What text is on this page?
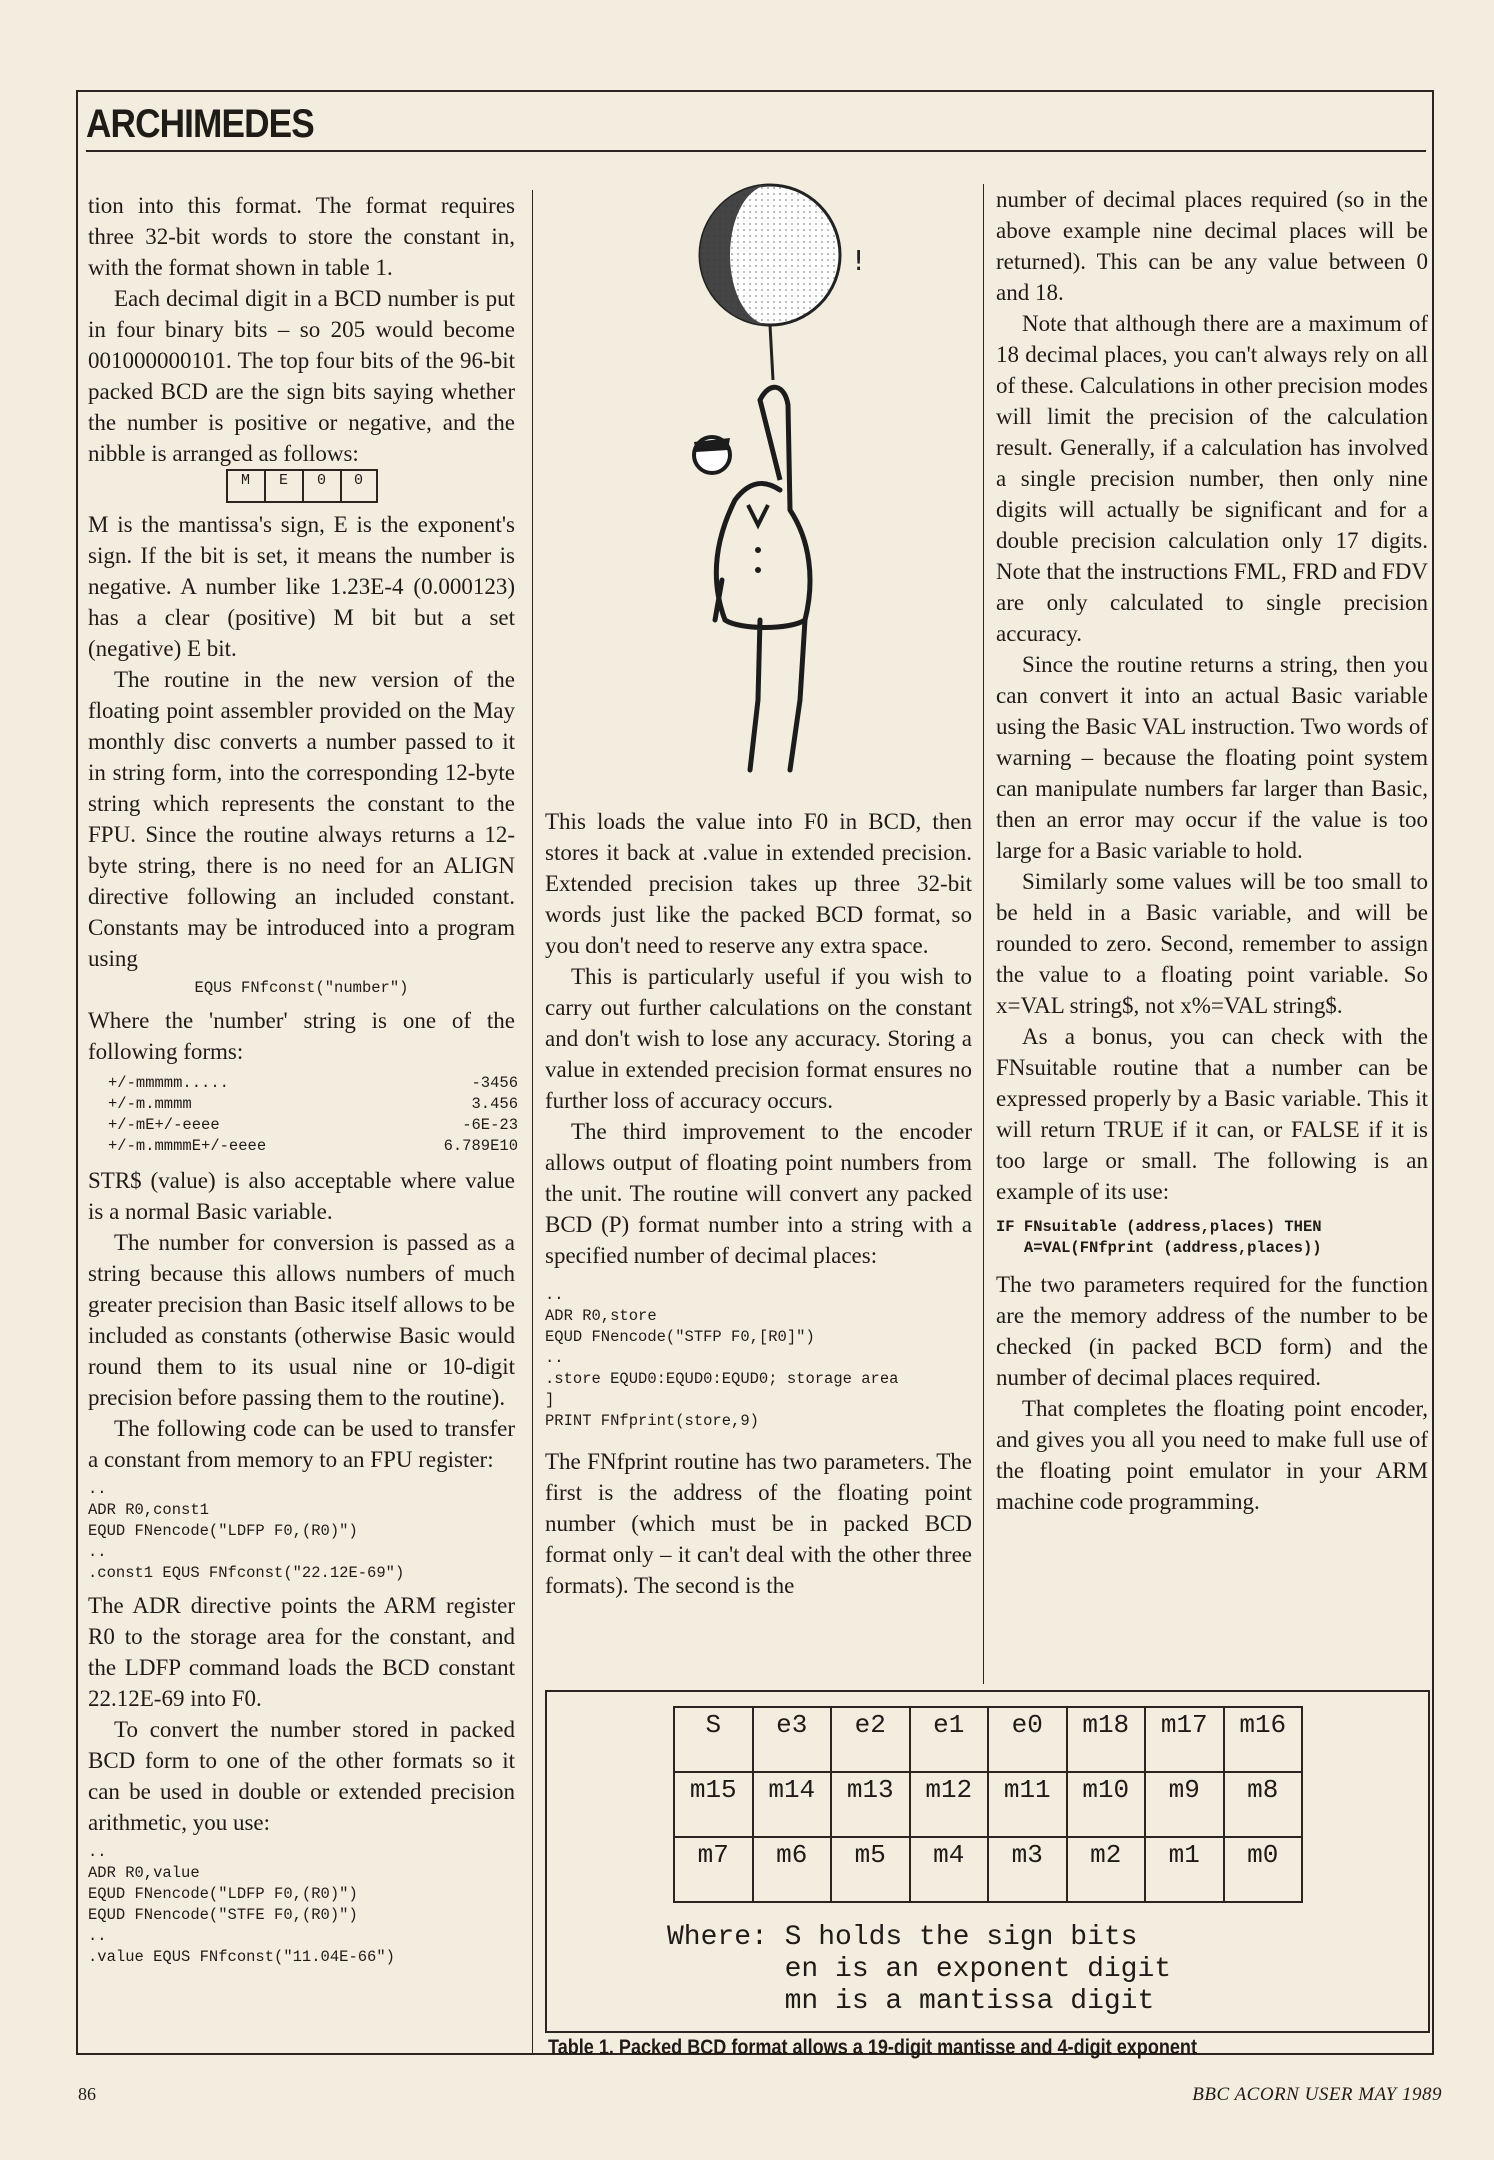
ARCHIMEDES

tion into this format. The format requires three 32-bit words to store the constant in, with the format shown in table 1.

Each decimal digit in a BCD number is put in four binary bits – so 205 would become 001000000101. The top four bits of the 96-bit packed BCD are the sign bits saying whether the number is positive or negative, and the nibble is arranged as follows:

M	E	0	0

M is the mantissa's sign, E is the exponent's sign. If the bit is set, it means the number is negative. A number like 1.23E-4 (0.000123) has a clear (positive) M bit but a set (negative) E bit.

The routine in the new version of the floating point assembler provided on the May monthly disc converts a number passed to it in string form, into the corresponding 12-byte string which represents the constant to the FPU. Since the routine always returns a 12-byte string, there is no need for an ALIGN directive following an included constant. Constants may be introduced into a program using

EQUS FNfconst("number")

Where the 'number' string is one of the following forms:

+/-mmmmm.....	-3456
+/-m.mmmm	3.456
+/-mE+/-eeee	-6E-23
+/-m.mmmmE+/-eeee	6.789E10

STR$ (value) is also acceptable where value is a normal Basic variable.

The number for conversion is passed as a string because this allows numbers of much greater precision than Basic itself allows to be included as constants (otherwise Basic would round them to its usual nine or 10-digit precision before passing them to the routine).

The following code can be used to transfer a constant from memory to an FPU register:

..
ADR R0,const1
EQUD FNencode("LDFP F0,(R0)")
..
.const1 EQUS FNfconst("22.12E-69")

The ADR directive points the ARM register R0 to the storage area for the constant, and the LDFP command loads the BCD constant 22.12E-69 into F0.

To convert the number stored in packed BCD form to one of the other formats so it can be used in double or extended precision arithmetic, you use:

..
ADR R0,value
EQUD FNencode("LDFP F0,(R0)")
EQUD FNencode("STFE F0,(R0)")
..
.value EQUS FNfconst("11.04E-66")
!

This loads the value into F0 in BCD, then stores it back at .value in extended precision. Extended precision takes up three 32-bit words just like the packed BCD format, so you don't need to reserve any extra space.

This is particularly useful if you wish to carry out further calculations on the constant and don't wish to lose any accuracy. Storing a value in extended precision format ensures no further loss of accuracy occurs.

The third improvement to the encoder allows output of floating point numbers from the unit. The routine will convert any packed BCD (P) format number into a string with a specified number of decimal places:

..
ADR R0,store
EQUD FNencode("STFP F0,[R0]")
..
.store EQUD0:EQUD0:EQUD0; storage area
]
PRINT FNfprint(store,9)

The FNfprint routine has two parameters. The first is the address of the floating point number (which must be in packed BCD format only – it can't deal with the other three formats). The second is the

number of decimal places required (so in the above example nine decimal places will be returned). This can be any value between 0 and 18.

Note that although there are a maximum of 18 decimal places, you can't always rely on all of these. Calculations in other precision modes will limit the precision of the calculation result. Generally, if a calculation has involved a single precision number, then only nine digits will actually be significant and for a double precision calculation only 17 digits. Note that the instructions FML, FRD and FDV are only calculated to single precision accuracy.

Since the routine returns a string, then you can convert it into an actual Basic variable using the Basic VAL instruction. Two words of warning – because the floating point system can manipulate numbers far larger than Basic, then an error may occur if the value is too large for a Basic variable to hold.

Similarly some values will be too small to be held in a Basic variable, and will be rounded to zero. Second, remember to assign the value to a floating point variable. So x=VAL string$, not x%=VAL string$.

As a bonus, you can check with the FNsuitable routine that a number can be expressed properly by a Basic variable. This it will return TRUE if it can, or FALSE if it is too large or small. The following is an example of its use:

IF FNsuitable (address,places) THEN
A=VAL(FNfprint (address,places))

The two parameters required for the function are the memory address of the number to be checked (in packed BCD form) and the number of decimal places required.

That completes the floating point encoder, and gives you all you need to make full use of the floating point emulator in your ARM machine code programming.

S	e3	e2	e1	e0	m18	m17	m16
m15	m14	m13	m12	m11	m10	m9	m8
m7	m6	m5	m4	m3	m2	m1	m0
Where: S holds the sign bits
en is an exponent digit
mn is a mantissa digit
Table 1. Packed BCD format allows a 19-digit mantisse and 4-digit exponent
86	BBC ACORN USER MAY 1989
